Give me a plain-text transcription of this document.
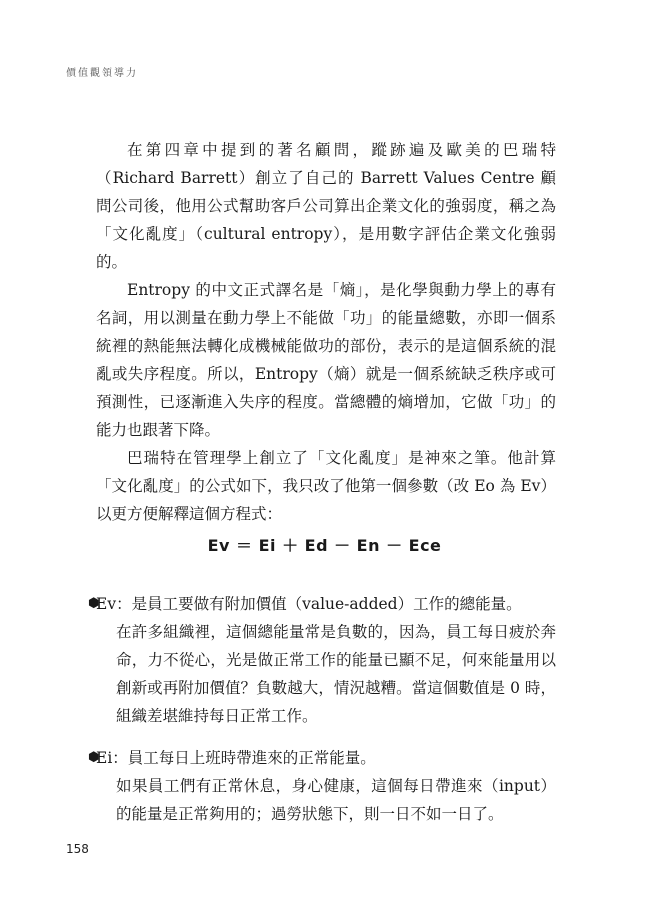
價值觀領導力

在第四章中提到的著名顧問，蹤跡遍及歐美的巴瑞特（Richard Barrett）創立了自己的 Barrett Values Centre 顧問公司後，他用公式幫助客戶公司算出企業文化的強弱度，稱之為「文化亂度」（cultural entropy），是用數字評估企業文化強弱的。

Entropy 的中文正式譯名是「熵」，是化學與動力學上的專有名詞，用以測量在動力學上不能做「功」的能量總數，亦即一個系統裡的熱能無法轉化成機械能做功的部份，表示的是這個系統的混亂或失序程度。所以，Entropy（熵）就是一個系統缺乏秩序或可預測性，已逐漸進入失序的程度。當總體的熵增加，它做「功」的能力也跟著下降。

巴瑞特在管理學上創立了「文化亂度」是神來之筆。他計算「文化亂度」的公式如下，我只改了他第一個參數（改 Eo 為 Ev）以更方便解釋這個方程式：

Ev ＝ Ei ＋ Ed － En － Ece
⬢
Ev：是員工要做有附加價值（value-added）工作的總能量。

在許多組織裡，這個總能量常是負數的，因為，員工每日疲於奔命，力不從心，光是做正常工作的能量已顯不足，何來能量用以創新或再附加價值？負數越大，情況越糟。當這個數值是 0 時，組織差堪維持每日正常工作。

⬢
Ei：員工每日上班時帶進來的正常能量。

如果員工們有正常休息，身心健康，這個每日帶進來（input）的能量是正常夠用的；過勞狀態下，則一日不如一日了。

158
